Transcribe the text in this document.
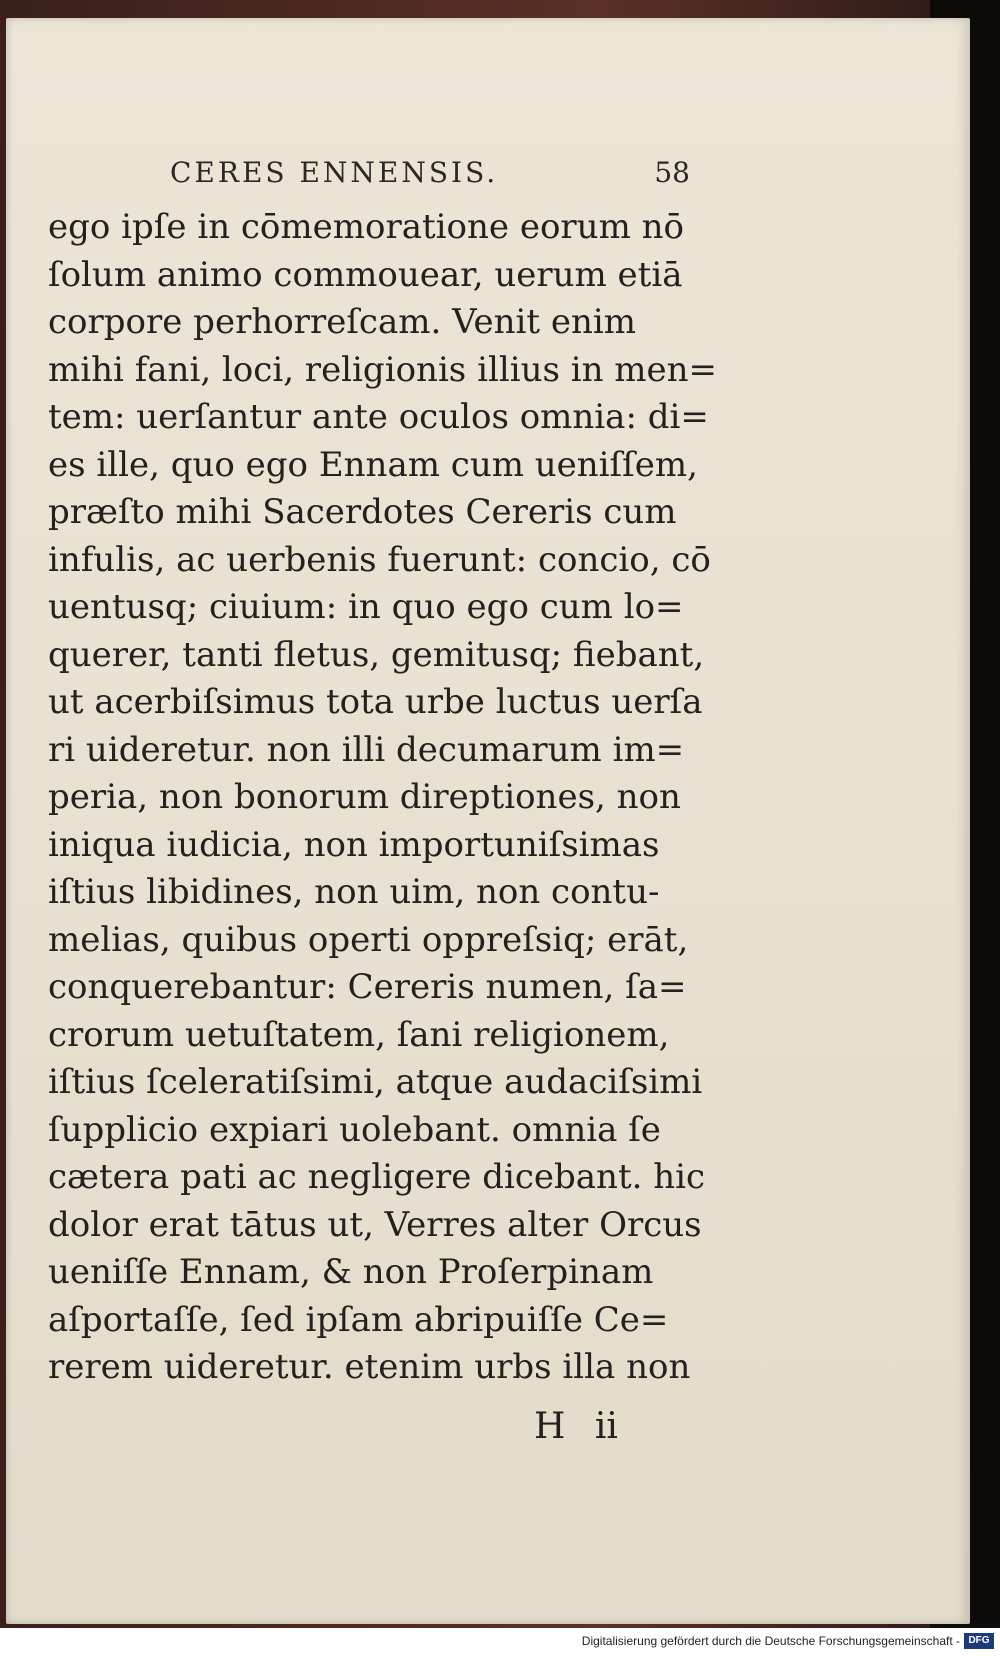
CERES ENNENSIS.	58
ego ipſe in cōmemoratione eorum nō
ſolum animo commouear, uerum etiā
corpore perhorreſcam. Venit enim
mihi fani, loci, religionis illius in men=
tem: uerſantur ante oculos omnia: di=
es ille, quo ego Ennam cum ueniſſem,
præſto mihi Sacerdotes Cereris cum
infulis, ac uerbenis fuerunt: concio, cō
uentusq; ciuium: in quo ego cum lo=
querer, tanti fletus, gemitusq; fiebant,
ut acerbiſsimus tota urbe luctus uerſa
ri uideretur. non illi decumarum im=
peria, non bonorum direptiones, non
iniqua iudicia, non importuniſsimas
iſtius libidines, non uim, non contu-
melias, quibus operti oppreſsiq; erāt,
conquerebantur: Cereris numen, ſa=
crorum uetuſtatem, ſani religionem,
iſtius ſceleratiſsimi, atque audaciſsimi
ſupplicio expiari uolebant. omnia ſe
cætera pati ac negligere dicebant. hic
dolor erat tātus ut, Verres alter Orcus
ueniſſe Ennam, & non Proſerpinam
aſportaſſe, ſed ipſam abripuiſſe Ce=
rerem uideretur. etenim urbs illa non
H ii
Digitalisierung gefördert durch die Deutsche Forschungsgemeinschaft - DFG
